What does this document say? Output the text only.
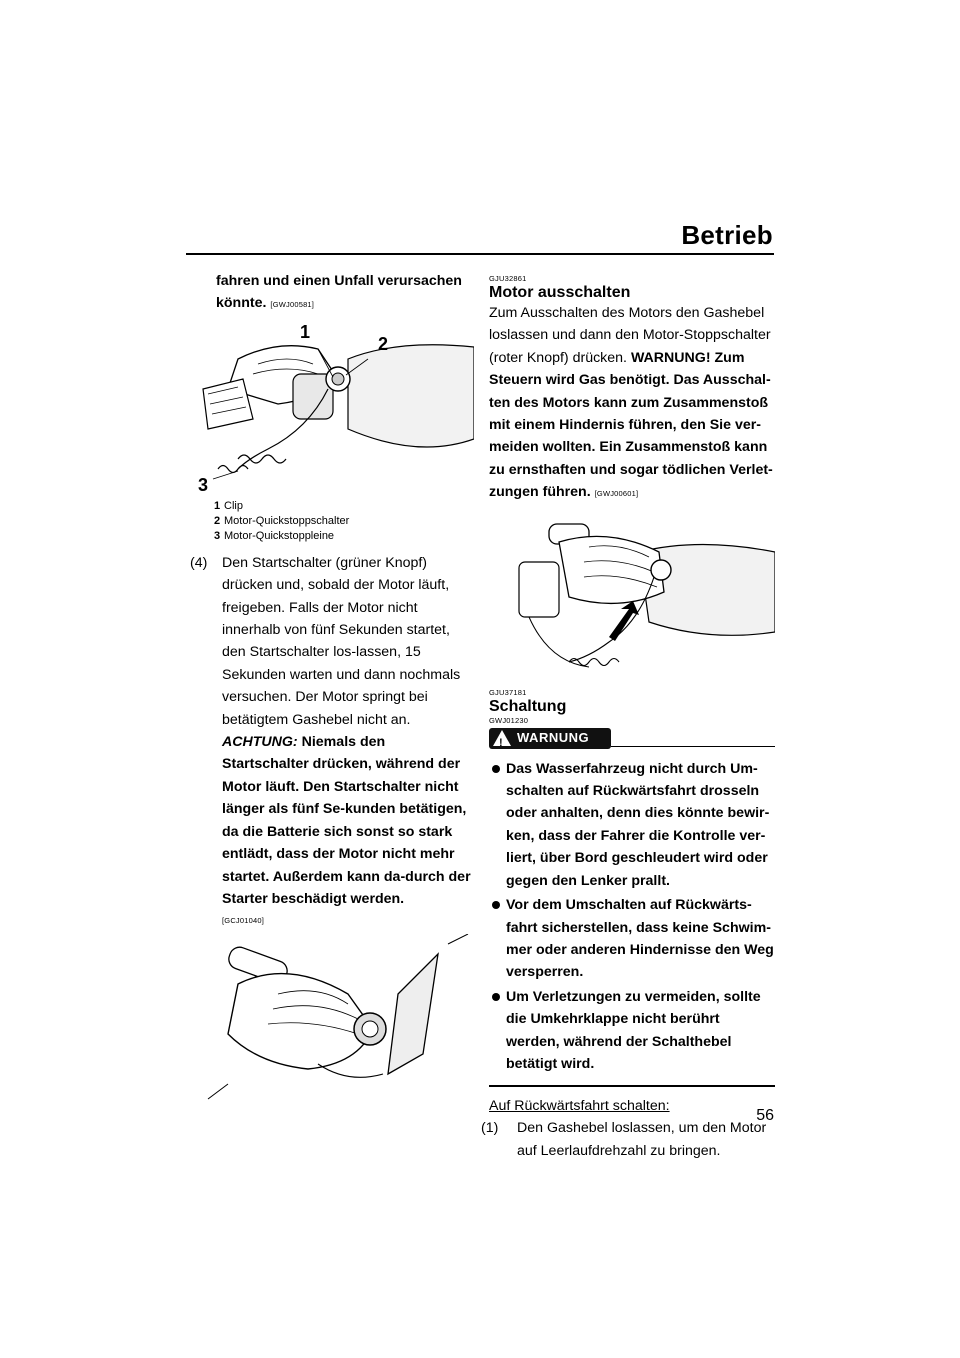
Betrieb
fahren und einen Unfall verursachen könnte. [GWJ00581]
1
2
3
1 Clip
2 Motor-Quickstoppschalter
3 Motor-Quickstoppleine
(4)	Den Startschalter (grüner Knopf) drücken und, sobald der Motor läuft, freigeben. Falls der Motor nicht innerhalb von fünf Sekunden startet, den Startschalter los-lassen, 15 Sekunden warten und dann nochmals versuchen. Der Motor springt bei betätigtem Gashebel nicht an. ACHTUNG: Niemals den Startschalter drücken, während der Motor läuft. Den Startschalter nicht länger als fünf Se-kunden betätigen, da die Batterie sich sonst so stark entlädt, dass der Motor nicht mehr startet. Außerdem kann da-durch der Starter beschädigt werden.
[GCJ01040]
GJU32861
Motor ausschalten
Zum Ausschalten des Motors den Gashebel loslassen und dann den Motor-Stoppschalter (roter Knopf) drücken. WARNUNG! Zum Steuern wird Gas benötigt. Das Ausschal-ten des Motors kann zum Zusammenstoß mit einem Hindernis führen, den Sie ver-meiden wollten. Ein Zusammenstoß kann zu ernsthaften und sogar tödlichen Verlet-zungen führen. [GWJ00601]
GJU37181
Schaltung
GWJ01230
!
WARNUNG
Das Wasserfahrzeug nicht durch Um-schalten auf Rückwärtsfahrt drosseln oder anhalten, denn dies könnte bewir-ken, dass der Fahrer die Kontrolle ver-liert, über Bord geschleudert wird oder gegen den Lenker prallt.
Vor dem Umschalten auf Rückwärts-fahrt sicherstellen, dass keine Schwim-mer oder anderen Hindernisse den Weg versperren.
Um Verletzungen zu vermeiden, sollte die Umkehrklappe nicht berührt werden, während der Schalthebel betätigt wird.
Auf Rückwärtsfahrt schalten:
(1)	Den Gashebel loslassen, um den Motor auf Leerlaufdrehzahl zu bringen.
56
